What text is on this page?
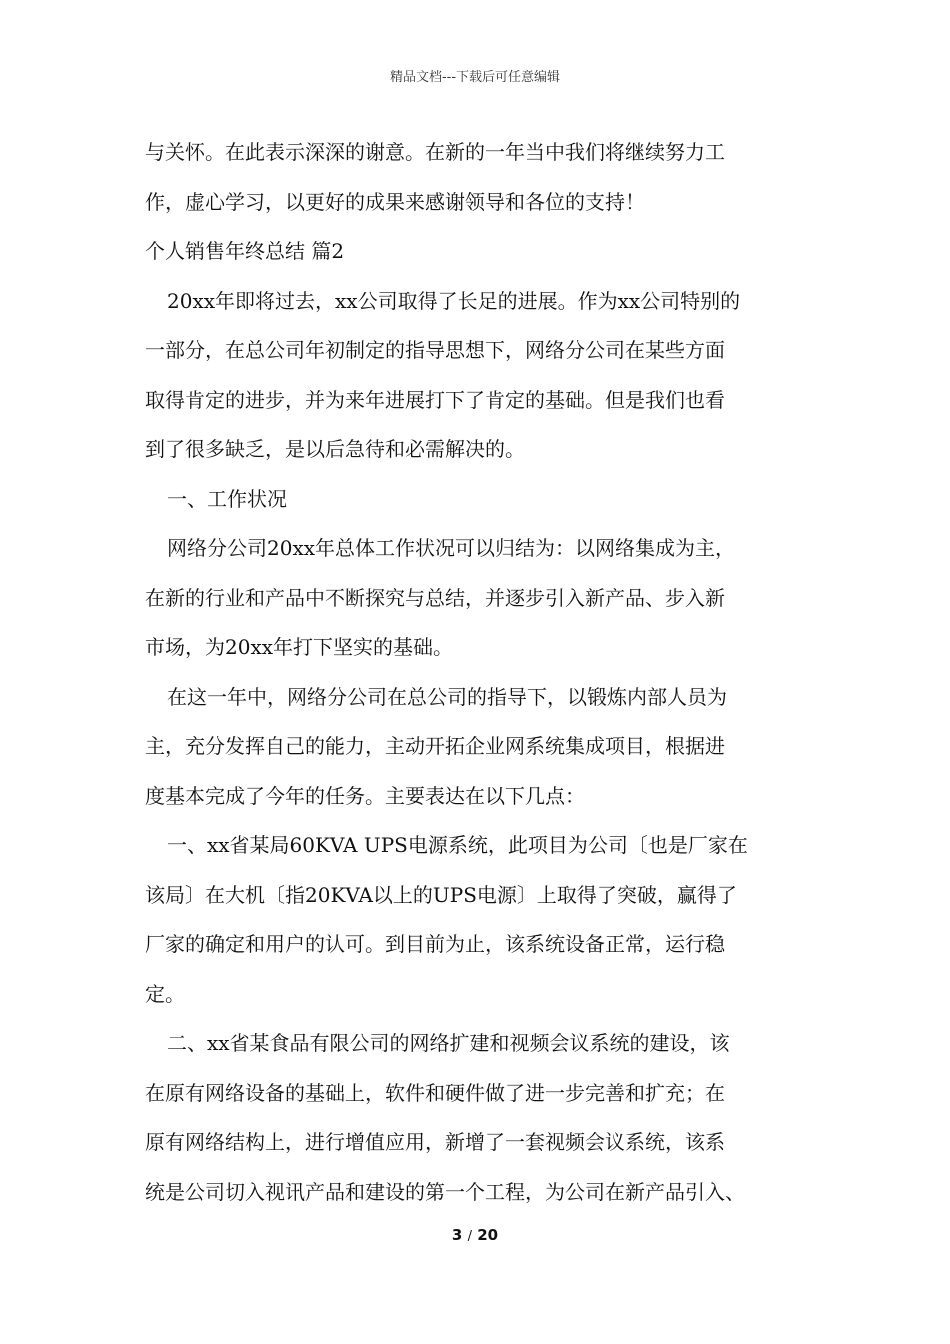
精品文档---下载后可任意编辑
与关怀。在此表示深深的谢意。在新的一年当中我们将继续努力工
作，虚心学习，以更好的成果来感谢领导和各位的支持！
个人销售年终总结 篇2
20xx年即将过去，xx公司取得了长足的进展。作为xx公司特别的
一部分，在总公司年初制定的指导思想下，网络分公司在某些方面
取得肯定的进步，并为来年进展打下了肯定的基础。但是我们也看
到了很多缺乏，是以后急待和必需解决的。
一、工作状况
网络分公司20xx年总体工作状况可以归结为：以网络集成为主，
在新的行业和产品中不断探究与总结，并逐步引入新产品、步入新
市场，为20xx年打下坚实的基础。
在这一年中，网络分公司在总公司的指导下，以锻炼内部人员为
主，充分发挥自己的能力，主动开拓企业网系统集成项目，根据进
度基本完成了今年的任务。主要表达在以下几点：
一、xx省某局60KVA UPS电源系统，此项目为公司〔也是厂家在
该局〕在大机〔指20KVA以上的UPS电源〕上取得了突破，赢得了
厂家的确定和用户的认可。到目前为止，该系统设备正常，运行稳
定。
二、xx省某食品有限公司的网络扩建和视频会议系统的建设，该
在原有网络设备的基础上，软件和硬件做了进一步完善和扩充；在
原有网络结构上，进行增值应用，新增了一套视频会议系统，该系
统是公司切入视讯产品和建设的第一个工程，为公司在新产品引入、
3 / 20
